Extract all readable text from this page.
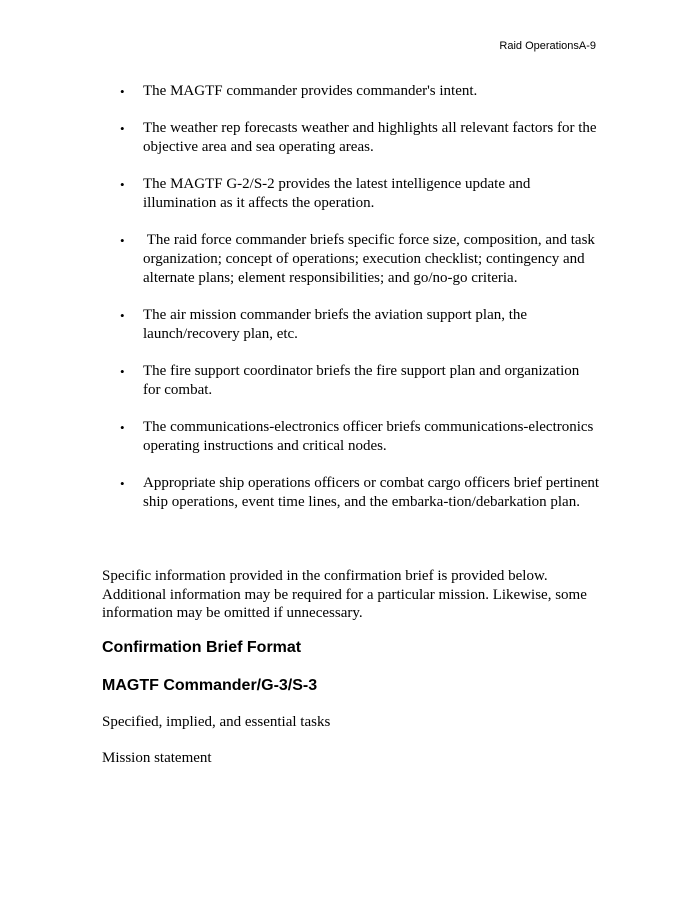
Raid OperationsA-9
•	The MAGTF commander provides commander's intent.
•	The weather rep forecasts weather and highlights all relevant factors for the objective area and sea operating areas.
•	The MAGTF G-2/S-2 provides the latest intelligence update and illumination as it affects the operation.
•	The raid force commander briefs specific force size, composition, and task organization; concept of operations; execution checklist; contingency and alternate plans; element responsibilities; and go/no-go criteria.
•	The air mission commander briefs the aviation support plan, the launch/recovery plan, etc.
•	The fire support coordinator briefs the fire support plan and organization for combat.
•	The communications-electronics officer briefs communications-electronics operating instructions and critical nodes.
•	Appropriate ship operations officers or combat cargo officers brief pertinent ship operations, event time lines, and the embarka-tion/debarkation plan.

Specific information provided in the confirmation brief is provided below. Additional information may be required for a particular mission. Likewise, some information may be omitted if unnecessary.

Confirmation Brief Format
MAGTF Commander/G-3/S-3

Specified, implied, and essential tasks

Mission statement
